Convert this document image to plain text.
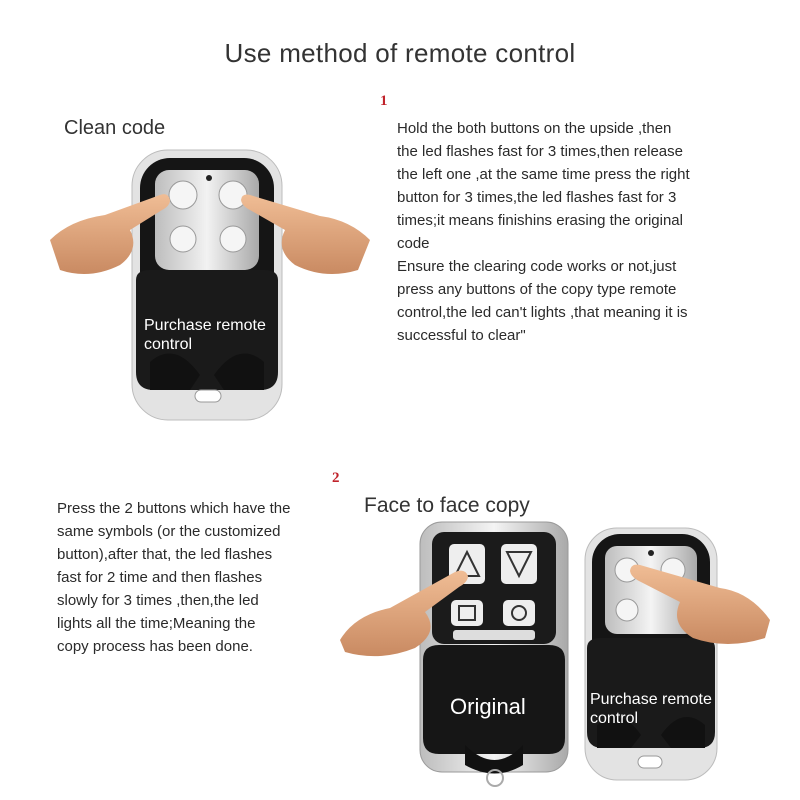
Use method of remote control
1
Clean code
Purchase remote
control
Hold the both buttons on the upside ,then
the led flashes fast for 3 times,then release
the left one ,at the same time press the right
button for 3 times,the led flashes fast for 3
times;it means finishins erasing the original
code
Ensure the clearing code works or not,just
press any buttons of the copy type remote
control,the led can't lights ,that meaning it is
successful to clear"
2
Face to face copy
Press the 2 buttons which have the
same symbols (or the customized
button),after that, the led flashes
fast for 2 time and then flashes
slowly for 3 times ,then,the led
lights all the time;Meaning the
copy process has been done.
Original	Purchase remote
control
